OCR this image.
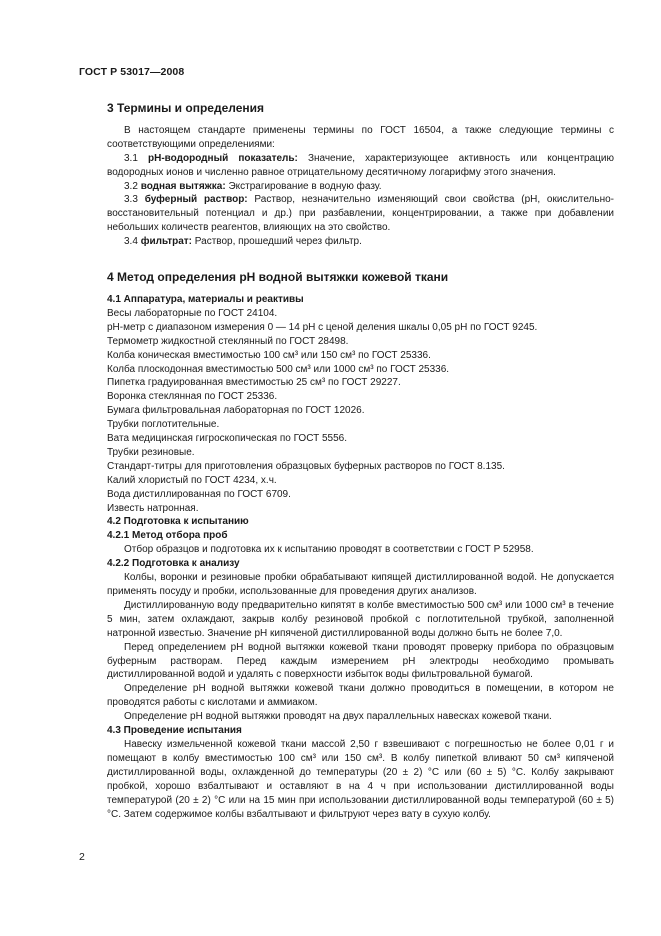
ГОСТ Р 53017—2008
3 Термины и определения

В настоящем стандарте применены термины по ГОСТ 16504, а также следующие термины с соответствующими определениями:

3.1 рН-водородный показатель: Значение, характеризующее активность или концентрацию водородных ионов и численно равное отрицательному десятичному логарифму этого значения.

3.2 водная вытяжка: Экстрагирование в водную фазу.

3.3 буферный раствор: Раствор, незначительно изменяющий свои свойства (рН, окислительно-восстановительный потенциал и др.) при разбавлении, концентрировании, а также при добавлении небольших количеств реагентов, влияющих на это свойство.

3.4 фильтрат: Раствор, прошедший через фильтр.

4 Метод определения рН водной вытяжки кожевой ткани
4.1 Аппаратура, материалы и реактивы

Весы лабораторные по ГОСТ 24104.

рН-метр с диапазоном измерения 0 — 14 рН с ценой деления шкалы 0,05 рН по ГОСТ 9245.

Термометр жидкостной стеклянный по ГОСТ 28498.

Колба коническая вместимостью 100 см³ или 150 см³ по ГОСТ 25336.

Колба плоскодонная вместимостью 500 см³ или 1000 см³ по ГОСТ 25336.

Пипетка градуированная вместимостью 25 см³ по ГОСТ 29227.

Воронка стеклянная по ГОСТ 25336.

Бумага фильтровальная лабораторная по ГОСТ 12026.

Трубки поглотительные.

Вата медицинская гигроскопическая по ГОСТ 5556.

Трубки резиновые.

Стандарт-титры для приготовления образцовых буферных растворов по ГОСТ 8.135.

Калий хлористый по ГОСТ 4234, х.ч.

Вода дистиллированная по ГОСТ 6709.

Известь натронная.

4.2 Подготовка к испытанию
4.2.1 Метод отбора проб

Отбор образцов и подготовка их к испытанию проводят в соответствии с ГОСТ Р 52958.

4.2.2 Подготовка к анализу

Колбы, воронки и резиновые пробки обрабатывают кипящей дистиллированной водой. Не допускается применять посуду и пробки, использованные для проведения других анализов.

Дистиллированную воду предварительно кипятят в колбе вместимостью 500 см³ или 1000 см³ в течение 5 мин, затем охлаждают, закрыв колбу резиновой пробкой с поглотительной трубкой, заполненной натронной известью. Значение рН кипяченой дистиллированной воды должно быть не более 7,0.

Перед определением рН водной вытяжки кожевой ткани проводят проверку прибора по образцовым буферным растворам. Перед каждым измерением рН электроды необходимо промывать дистиллированной водой и удалять с поверхности избыток воды фильтровальной бумагой.

Определение рН водной вытяжки кожевой ткани должно проводиться в помещении, в котором не проводятся работы с кислотами и аммиаком.

Определение рН водной вытяжки проводят на двух параллельных навесках кожевой ткани.

4.3 Проведение испытания

Навеску измельченной кожевой ткани массой 2,50 г взвешивают с погрешностью не более 0,01 г и помещают в колбу вместимостью 100 см³ или 150 см³. В колбу пипеткой вливают 50 см³ кипяченой дистиллированной воды, охлажденной до температуры (20 ± 2) °С или (60 ± 5) °С. Колбу закрывают пробкой, хорошо взбалтывают и оставляют в на 4 ч при использовании дистиллированной воды температурой (20 ± 2) °С или на 15 мин при использовании дистиллированной воды температурой (60 ± 5) °С. Затем содержимое колбы взбалтывают и фильтруют через вату в сухую колбу.

2
